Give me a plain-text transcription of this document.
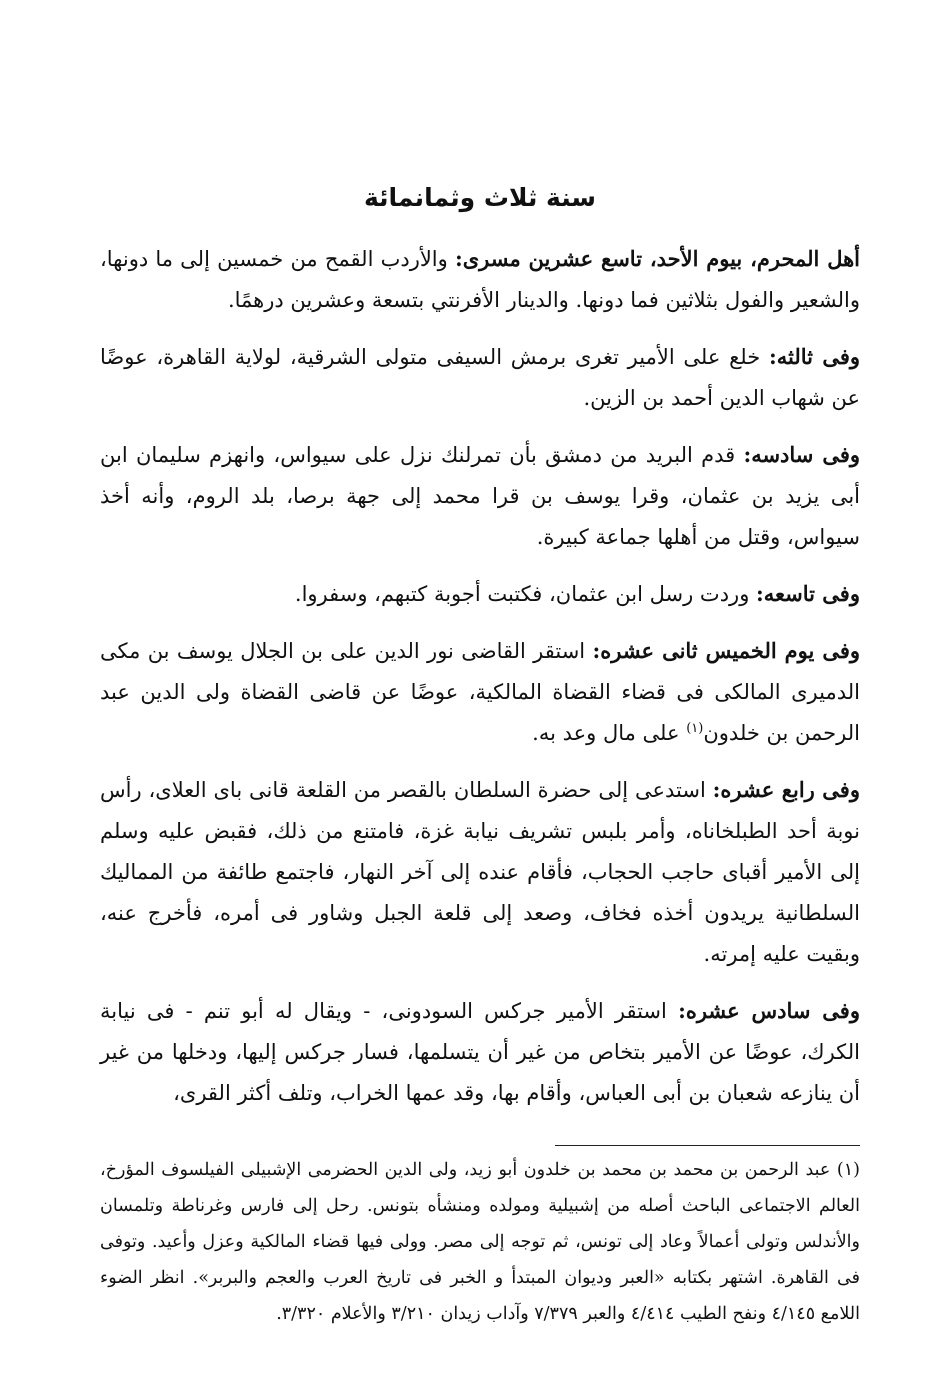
سنة ثلاث وثمانمائة

أهل المحرم، بيوم الأحد، تاسع عشرين مسرى: والأردب القمح من خمسين إلى ما دونها، والشعير والفول بثلاثين فما دونها. والدينار الأفرنتي بتسعة وعشرين درهمًا.

وفى ثالثه: خلع على الأمير تغرى برمش السيفى متولى الشرقية، لولاية القاهرة، عوضًا عن شهاب الدين أحمد بن الزين.

وفى سادسه: قدم البريد من دمشق بأن تمرلنك نزل على سيواس، وانهزم سليمان ابن أبى يزيد بن عثمان، وقرا يوسف بن قرا محمد إلى جهة برصا، بلد الروم، وأنه أخذ سيواس، وقتل من أهلها جماعة كبيرة.

وفى تاسعه: وردت رسل ابن عثمان، فكتبت أجوبة كتبهم، وسفروا.

وفى يوم الخميس ثانى عشره: استقر القاضى نور الدين على بن الجلال يوسف بن مكى الدميرى المالكى فى قضاء القضاة المالكية، عوضًا عن قاضى القضاة ولى الدين عبد الرحمن بن خلدون$^{(١)}$ على مال وعد به.

وفى رابع عشره: استدعى إلى حضرة السلطان بالقصر من القلعة قانى باى العلاى، رأس نوبة أحد الطبلخاناه، وأمر بلبس تشريف نيابة غزة، فامتنع من ذلك، فقبض عليه وسلم إلى الأمير أقباى حاجب الحجاب، فأقام عنده إلى آخر النهار، فاجتمع طائفة من المماليك السلطانية يريدون أخذه فخاف، وصعد إلى قلعة الجبل وشاور فى أمره، فأخرج عنه، وبقيت عليه إمرته.

وفى سادس عشره: استقر الأمير جركس السودونى، - ويقال له أبو تنم - فى نيابة الكرك، عوضًا عن الأمير بتخاص من غير أن يتسلمها، فسار جركس إليها، ودخلها من غير أن ينازعه شعبان بن أبى العباس، وأقام بها، وقد عمها الخراب، وتلف أكثر القرى،

(١) عبد الرحمن بن محمد بن محمد بن خلدون أبو زيد، ولى الدين الحضرمى الإشبيلى الفيلسوف المؤرخ، العالم الاجتماعى الباحث أصله من إشبيلية ومولده ومنشأه بتونس. رحل إلى فارس وغرناطة وتلمسان والأندلس وتولى أعمالاً وعاد إلى تونس، ثم توجه إلى مصر. وولى فيها قضاء المالكية وعزل وأعيد. وتوفى فى القاهرة. اشتهر بكتابه «العبر وديوان المبتدأ و الخبر فى تاريخ العرب والعجم والبربر». انظر الضوء اللامع ٤/١٤٥ ونفح الطيب ٤/٤١٤ والعبر ٧/٣٧٩ وآداب زيدان ٣/٢١٠ والأعلام ٣/٣٢٠.
